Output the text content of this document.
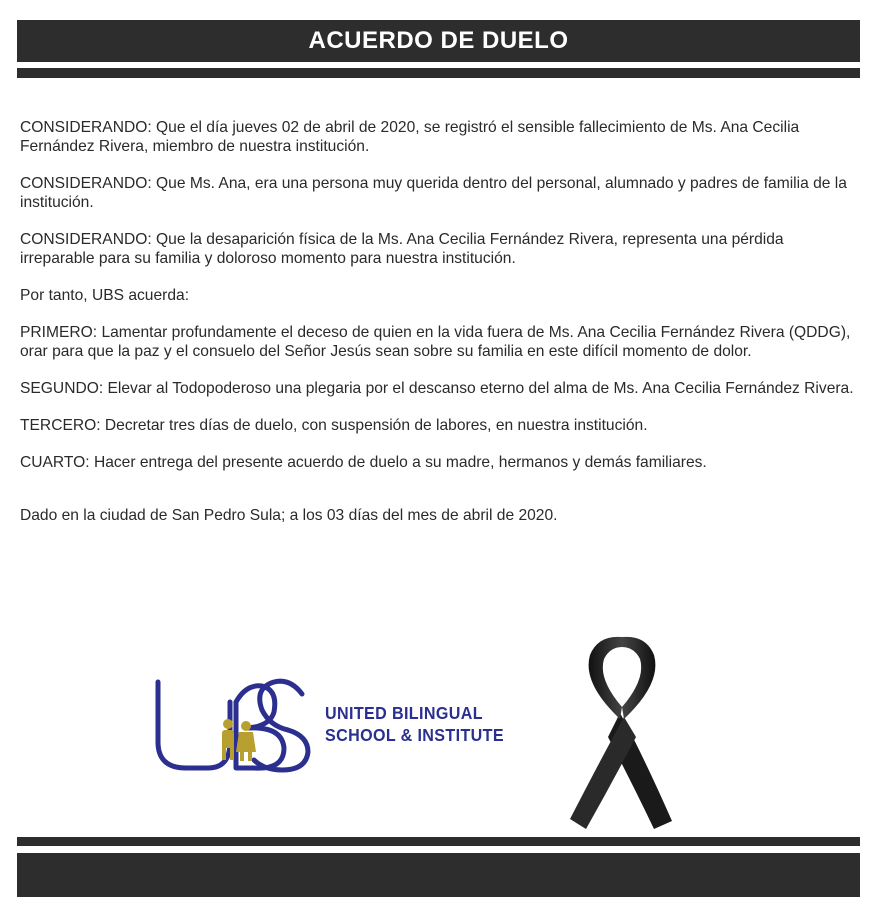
ACUERDO DE DUELO

CONSIDERANDO: Que el día jueves 02 de abril de 2020, se registró el sensible fallecimiento de Ms. Ana Cecilia Fernández Rivera, miembro de nuestra institución.

CONSIDERANDO: Que Ms. Ana, era una persona muy querida dentro del personal, alumnado y padres de familia de la institución.

CONSIDERANDO: Que la desaparición física de la Ms. Ana Cecilia Fernández Rivera, representa una pérdida irreparable para su familia y doloroso momento para nuestra institución.

Por tanto, UBS acuerda:

PRIMERO: Lamentar profundamente el deceso de quien en la vida fuera de Ms. Ana Cecilia Fernández Rivera (QDDG), orar para que la paz y el consuelo del Señor Jesús sean sobre su familia en este difícil momento de dolor.

SEGUNDO: Elevar al Todopoderoso una plegaria por el descanso eterno del alma de Ms. Ana Cecilia Fernández Rivera.

TERCERO: Decretar tres días de duelo, con suspensión de labores, en nuestra institución.

CUARTO: Hacer entrega del presente acuerdo de duelo a su madre, hermanos y demás familiares.

Dado en la ciudad de San Pedro Sula; a los 03 días del mes de abril de 2020.

UNITED BILINGUAL
SCHOOL & INSTITUTE
